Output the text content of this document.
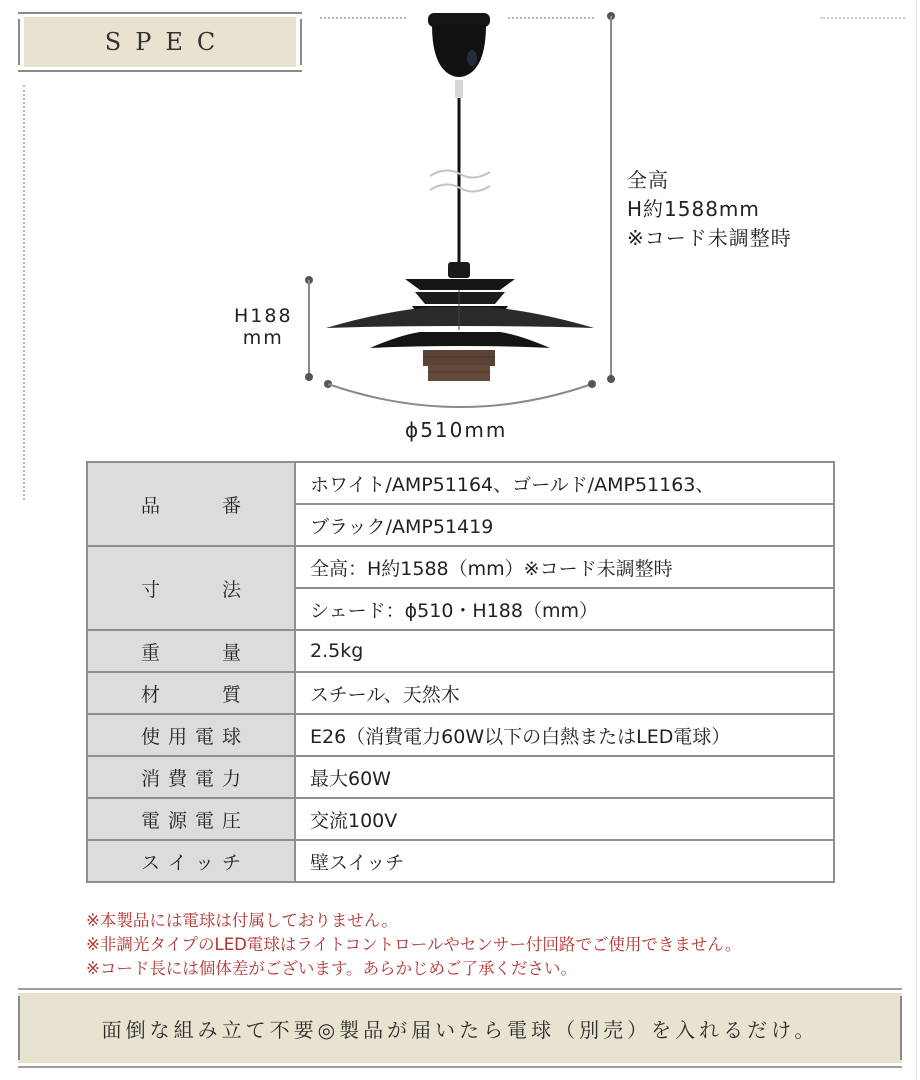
SPEC
全高
H約1588mm
※コード未調整時
H188
mm
ϕ510mm
品 番	ホワイト/AMP51164、ゴールド/AMP51163、
	ブラック/AMP51419

寸 法	全高：H約1588（mm）※コード未調整時
	シェード：ϕ510・H188（mm）

重 量	2.5kg

材 質	スチール、天然木

使 用 電 球	E26（消費電力60W以下の白熱またはLED電球）

消 費 電 力	最大60W

電 源 電 圧	交流100V

ス イ ッ チ	壁スイッチ
※本製品には電球は付属しておりません。
※非調光タイプのLED電球はライトコントロールやセンサー付回路でご使用できません。
※コード長には個体差がございます。あらかじめご了承ください。
面倒な組み立て不要◎製品が届いたら電球（別売）を入れるだけ。
